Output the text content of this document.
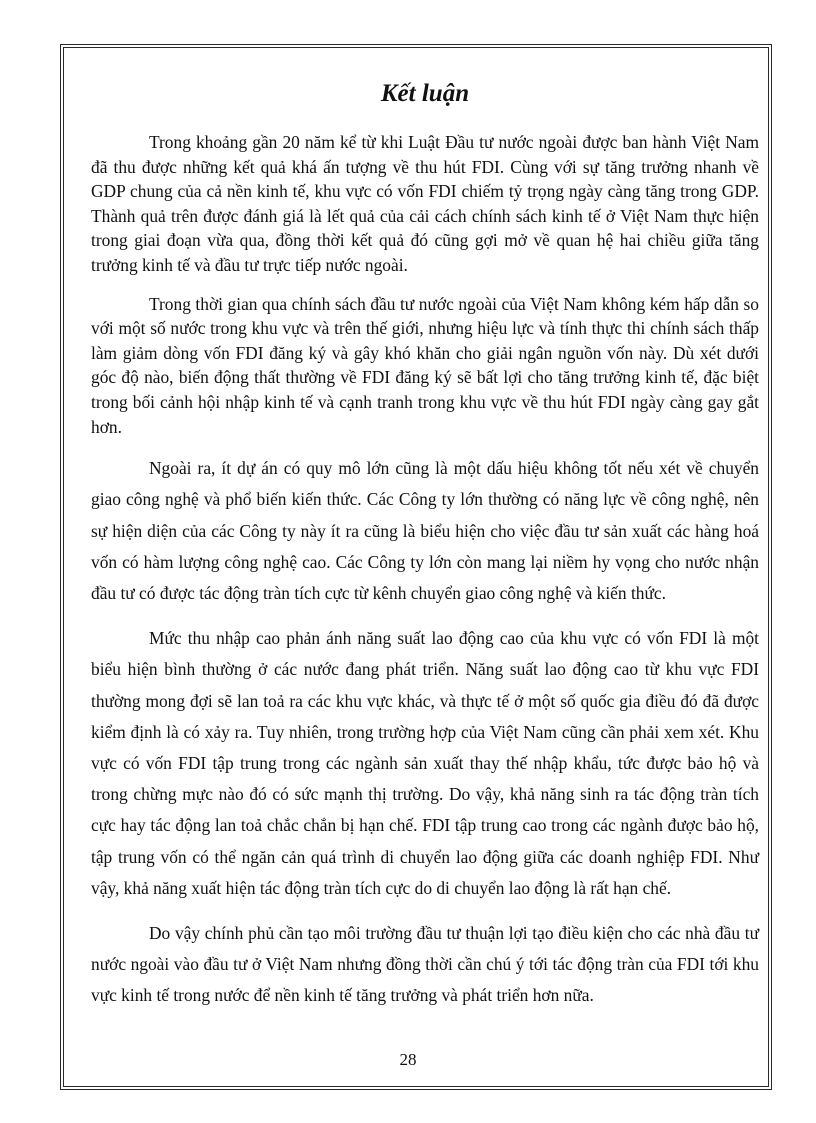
Kết luận

Trong khoảng gần 20 năm kể từ khi Luật Đầu tư nước ngoài được ban hành Việt Nam đã thu được những kết quả khá ấn tượng về thu hút FDI. Cùng với sự tăng trưởng nhanh về GDP chung của cả nền kinh tế, khu vực có vốn FDI chiếm tỷ trọng ngày càng tăng trong GDP. Thành quả trên được đánh giá là lết quả của cải cách chính sách kinh tế ở Việt Nam thực hiện trong giai đoạn vừa qua, đồng thời kết quả đó cũng gợi mở về quan hệ hai chiều giữa tăng trưởng kinh tế và đầu tư trực tiếp nước ngoài.

Trong thời gian qua chính sách đầu tư nước ngoài của Việt Nam không kém hấp dẫn so với một số nước trong khu vực và trên thế giới, nhưng hiệu lực và tính thực thi chính sách thấp làm giảm dòng vốn FDI đăng ký và gây khó khăn cho giải ngân nguồn vốn này. Dù xét dưới góc độ nào, biến động thất thường về FDI đăng ký sẽ bất lợi cho tăng trưởng kinh tế, đặc biệt trong bối cảnh hội nhập kinh tế và cạnh tranh trong khu vực về thu hút FDI ngày càng gay gắt hơn.

Ngoài ra, ít dự án có quy mô lớn cũng là một dấu hiệu không tốt nếu xét về chuyển giao công nghệ và phổ biến kiến thức. Các Công ty lớn thường có năng lực về công nghệ, nên sự hiện diện của các Công ty này ít ra cũng là biểu hiện cho việc đầu tư sản xuất các hàng hoá vốn có hàm lượng công nghệ cao. Các Công ty lớn còn mang lại niềm hy vọng cho nước nhận đầu tư có được tác động tràn tích cực từ kênh chuyển giao công nghệ và kiến thức.

Mức thu nhập cao phản ánh năng suất lao động cao của khu vực có vốn FDI là một biểu hiện bình thường ở các nước đang phát triển. Năng suất lao động cao từ khu vực FDI thường mong đợi sẽ lan toả ra các khu vực khác, và thực tế ở một số quốc gia điều đó đã được kiểm định là có xảy ra. Tuy nhiên, trong trường hợp của Việt Nam cũng cần phải xem xét. Khu vực có vốn FDI tập trung trong các ngành sản xuất thay thế nhập khẩu, tức được bảo hộ và trong chừng mực nào đó có sức mạnh thị trường. Do vậy, khả năng sinh ra tác động tràn tích cực hay tác động lan toả chắc chắn bị hạn chế. FDI tập trung cao trong các ngành được bảo hộ, tập trung vốn có thể ngăn cản quá trình di chuyển lao động giữa các doanh nghiệp FDI. Như vậy, khả năng xuất hiện tác động tràn tích cực do di chuyển lao động là rất hạn chế.

Do vậy chính phủ cần tạo môi trường đầu tư thuận lợi tạo điều kiện cho các nhà đầu tư nước ngoài vào đầu tư ở Việt Nam nhưng đồng thời cần chú ý tới tác động tràn của FDI tới khu vực kinh tế trong nước để nền kinh tế tăng trưởng và phát triển hơn nữa.

28
